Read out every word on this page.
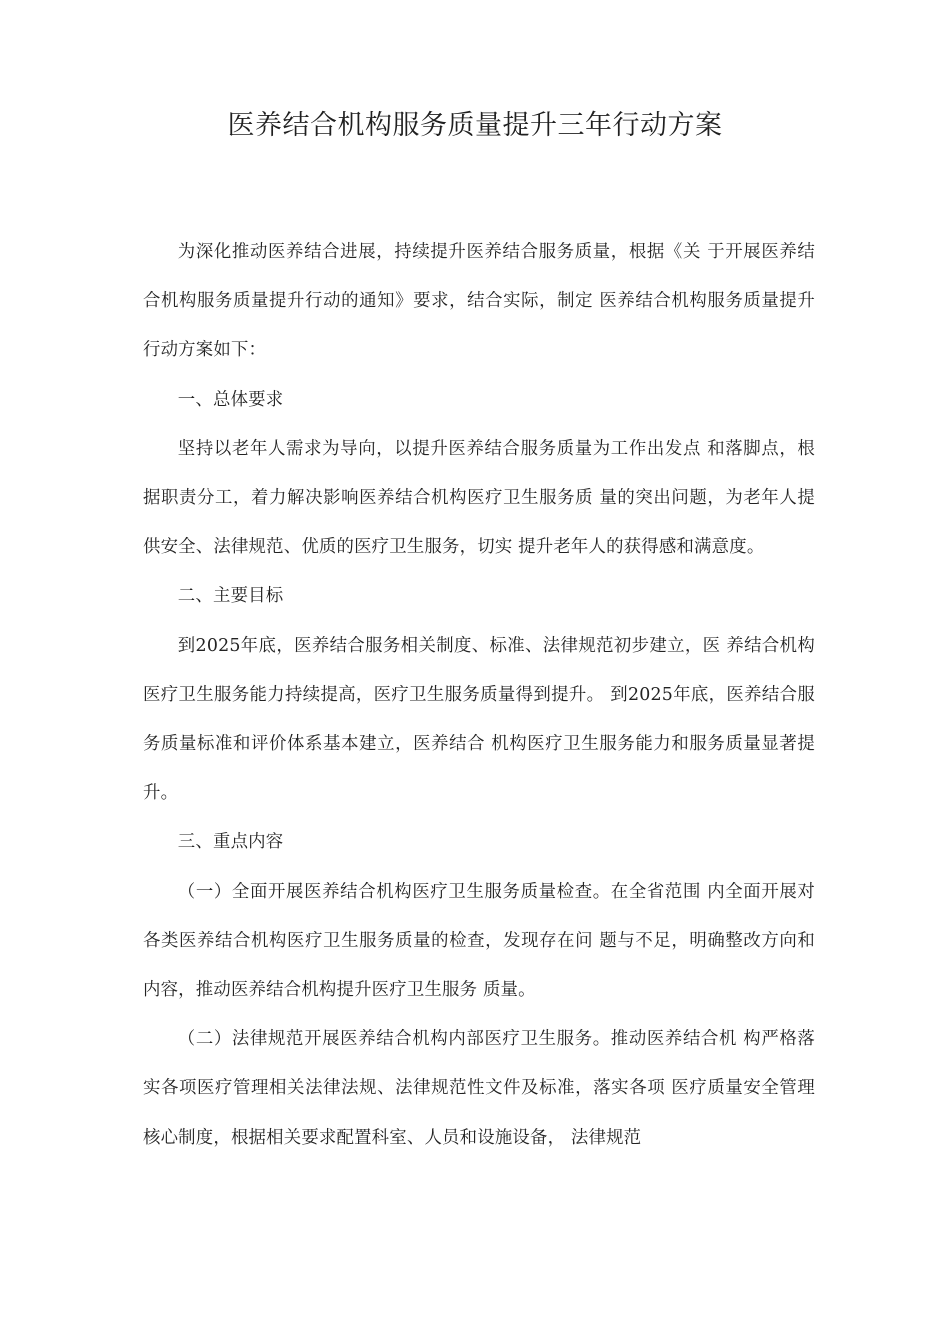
医养结合机构服务质量提升三年行动方案

为深化推动医养结合进展，持续提升医养结合服务质量，根据《关 于开展医养结合机构服务质量提升行动的通知》要求，结合实际，制定 医养结合机构服务质量提升行动方案如下：

一、总体要求

坚持以老年人需求为导向，以提升医养结合服务质量为工作出发点 和落脚点，根据职责分工，着力解决影响医养结合机构医疗卫生服务质 量的突出问题，为老年人提供安全、法律规范、优质的医疗卫生服务，切实 提升老年人的获得感和满意度。

二、主要目标

到2025年底，医养结合服务相关制度、标准、法律规范初步建立，医 养结合机构医疗卫生服务能力持续提高，医疗卫生服务质量得到提升。 到2025年底，医养结合服务质量标准和评价体系基本建立，医养结合 机构医疗卫生服务能力和服务质量显著提升。

三、重点内容

（一）全面开展医养结合机构医疗卫生服务质量检查。在全省范围 内全面开展对各类医养结合机构医疗卫生服务质量的检查，发现存在问 题与不足，明确整改方向和内容，推动医养结合机构提升医疗卫生服务 质量。

（二）法律规范开展医养结合机构内部医疗卫生服务。推动医养结合机 构严格落实各项医疗管理相关法律法规、法律规范性文件及标准，落实各项 医疗质量安全管理核心制度，根据相关要求配置科室、人员和设施设备， 法律规范
